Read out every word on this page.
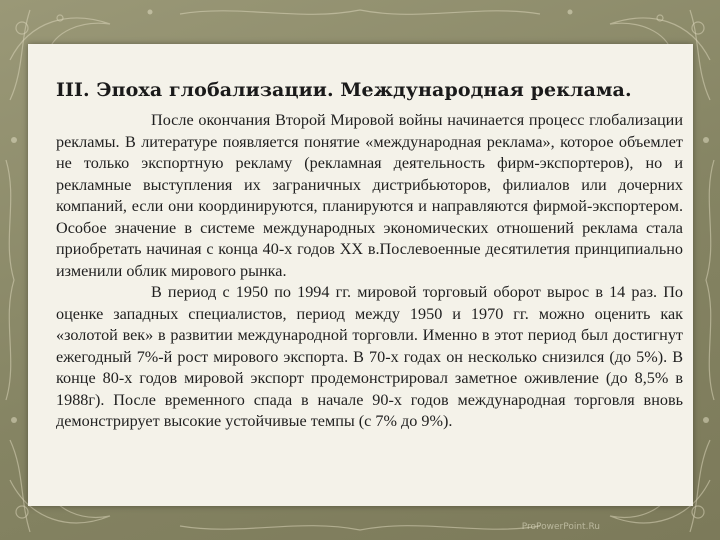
III. Эпоха глобализации. Международная реклама.

После окончания Второй Мировой войны начинается процесс глобализации рекламы. В литературе появляется понятие «международная реклама», которое объемлет не только экспортную рекламу (рекламная деятельность фирм-экспортеров), но и рекламные выступления их заграничных дистрибьюторов, филиалов или дочерних компаний, если они координируются, планируются и направляются фирмой-экспортером. Особое значение в системе международных экономических отношений реклама стала приобретать начиная с конца 40-х годов XX в.Послевоенные десятилетия принципиально изменили облик мирового рынка.

В период с 1950 по 1994 гг. мировой торговый оборот вырос в 14 раз. По оценке западных специалистов, период между 1950 и 1970 гг. можно оценить как «золотой век» в развитии международной торговли. Именно в этот период был достигнут ежегодный 7%-й рост мирового экспорта. В 70-х годах он несколько снизился (до 5%). В конце 80-х годов мировой экспорт продемонстрировал заметное оживление (до 8,5% в 1988г). После временного спада в начале 90-х годов международная торговля вновь демонстрирует высокие устойчивые темпы (с 7% до 9%).

ProPowerPoint.Ru
